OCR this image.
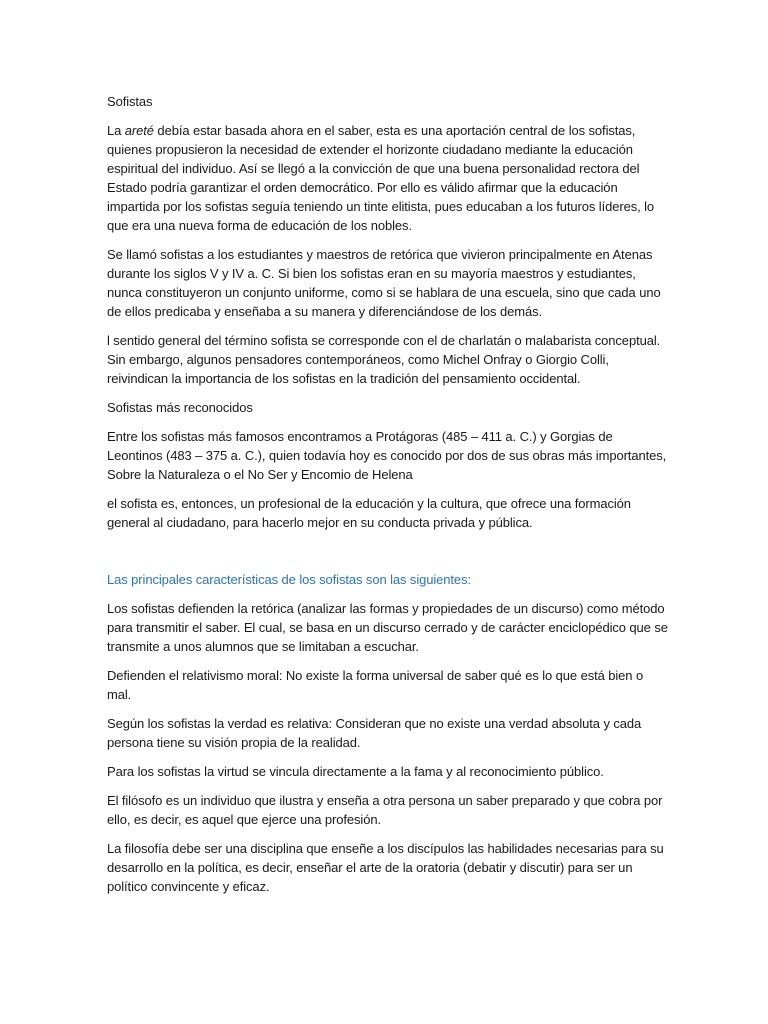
Sofistas

La areté debía estar basada ahora en el saber, esta es una aportación central de los sofistas, quienes propusieron la necesidad de extender el horizonte ciudadano mediante la educación espiritual del individuo. Así se llegó a la convicción de que una buena personalidad rectora del Estado podría garantizar el orden democrático. Por ello es válido afirmar que la educación impartida por los sofistas seguía teniendo un tinte elitista, pues educaban a los futuros líderes, lo que era una nueva forma de educación de los nobles.

Se llamó sofistas a los estudiantes y maestros de retórica que vivieron principalmente en Atenas durante los siglos V y IV a. C. Si bien los sofistas eran en su mayoría maestros y estudiantes, nunca constituyeron un conjunto uniforme, como si se hablara de una escuela, sino que cada uno de ellos predicaba y enseñaba a su manera y diferenciándose de los demás.

l sentido general del término sofista se corresponde con el de charlatán o malabarista conceptual. Sin embargo, algunos pensadores contemporáneos, como Michel Onfray o Giorgio Colli, reivindican la importancia de los sofistas en la tradición del pensamiento occidental.

Sofistas más reconocidos

Entre los sofistas más famosos encontramos a Protágoras (485 – 411 a. C.) y Gorgias de Leontinos (483 – 375 a. C.), quien todavía hoy es conocido por dos de sus obras más importantes, Sobre la Naturaleza o el No Ser y Encomio de Helena

el sofista es, entonces, un profesional de la educación y la cultura, que ofrece una formación general al ciudadano, para hacerlo mejor en su conducta privada y pública.

Las principales características de los sofistas son las siguientes:

Los sofistas defienden la retórica (analizar las formas y propiedades de un discurso) como método para transmitir el saber. El cual, se basa en un discurso cerrado y de carácter enciclopédico que se transmite a unos alumnos que se limitaban a escuchar.

Defienden el relativismo moral: No existe la forma universal de saber qué es lo que está bien o mal.

Según los sofistas la verdad es relativa: Consideran que no existe una verdad absoluta y cada persona tiene su visión propia de la realidad.

Para los sofistas la virtud se vincula directamente a la fama y al reconocimiento público.

El filósofo es un individuo que ilustra y enseña a otra persona un saber preparado y que cobra por ello, es decir, es aquel que ejerce una profesión.

La filosofía debe ser una disciplina que enseñe a los discípulos las habilidades necesarias para su desarrollo en la política, es decir, enseñar el arte de la oratoria (debatir y discutir) para ser un político convincente y eficaz.
